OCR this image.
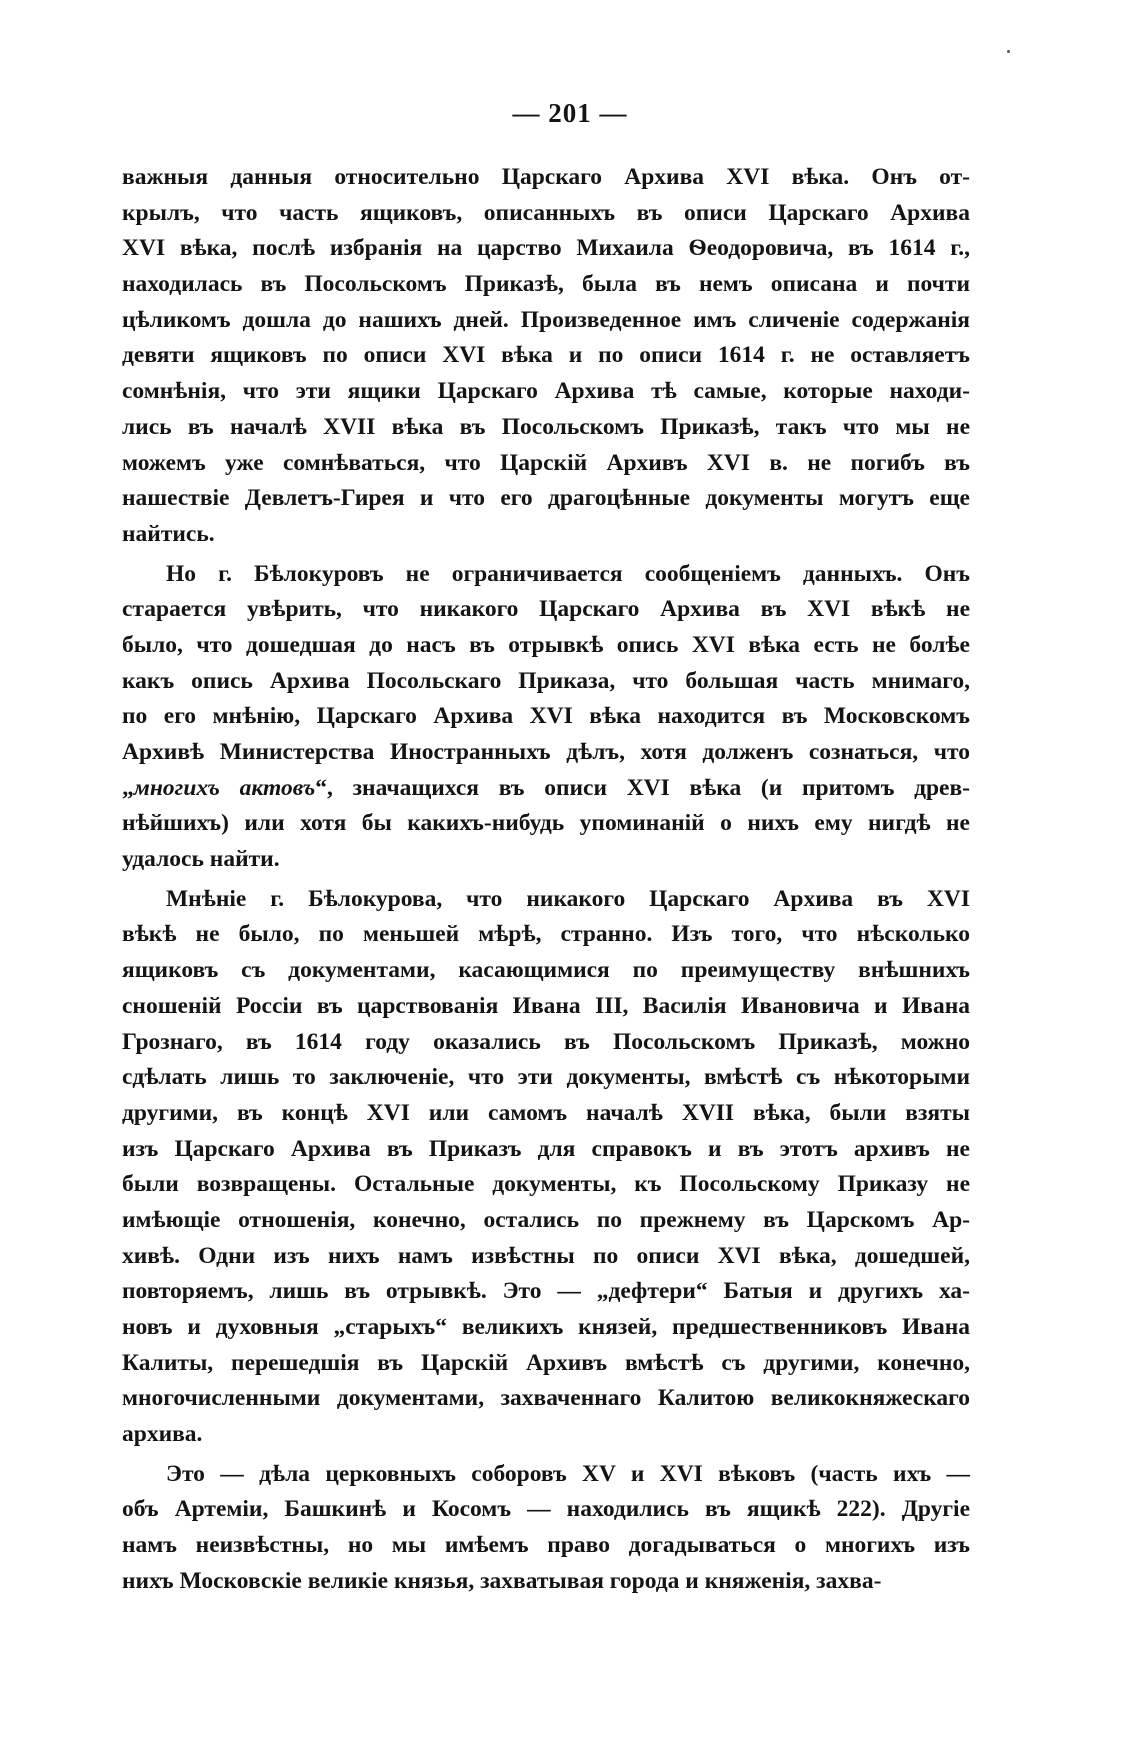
— 201 —
важныя данныя относительно Царскаго Архива XVI вѣка. Онъ от-
крылъ, что часть ящиковъ, описанныхъ въ описи Царскаго Архива
XVI вѣка, послѣ избранія на царство Михаила Ѳеодоровича, въ 1614 г.,
находилась въ Посольскомъ Приказѣ, была въ немъ описана и почти
цѣликомъ дошла до нашихъ дней. Произведенное имъ сличеніе содержанія
девяти ящиковъ по описи XVI вѣка и по описи 1614 г. не оставляетъ
сомнѣнія, что эти ящики Царскаго Архива тѣ самые, которые находи-
лись въ началѣ XVII вѣка въ Посольскомъ Приказѣ, такъ что мы не
можемъ уже сомнѣваться, что Царскій Архивъ XVI в. не погибъ въ
нашествіе Девлетъ-Гирея и что его драгоцѣнные документы могутъ еще
найтись.
Но г. Бѣлокуровъ не ограничивается сообщеніемъ данныхъ. Онъ
старается увѣрить, что никакого Царскаго Архива въ XVI вѣкѣ не
было, что дошедшая до насъ въ отрывкѣ опись XVI вѣка есть не болѣе
какъ опись Архива Посольскаго Приказа, что большая часть мнимаго,
по его мнѣнію, Царскаго Архива XVI вѣка находится въ Московскомъ
Архивѣ Министерства Иностранныхъ дѣлъ, хотя долженъ сознаться, что
„многихъ актовъ“, значащихся въ описи XVI вѣка (и притомъ древ-
нѣйшихъ) или хотя бы какихъ-нибудь упоминаній о нихъ ему нигдѣ не
удалось найти.
Мнѣніе г. Бѣлокурова, что никакого Царскаго Архива въ XVI
вѣкѣ не было, по меньшей мѣрѣ, странно. Изъ того, что нѣсколько
ящиковъ съ документами, касающимися по преимуществу внѣшнихъ
сношеній Россіи въ царствованія Ивана III, Василія Ивановича и Ивана
Грознаго, въ 1614 году оказались въ Посольскомъ Приказѣ, можно
сдѣлать лишь то заключеніе, что эти документы, вмѣстѣ съ нѣкоторыми
другими, въ концѣ XVI или самомъ началѣ XVII вѣка, были взяты
изъ Царскаго Архива въ Приказъ для справокъ и въ этотъ архивъ не
были возвращены. Остальные документы, къ Посольскому Приказу не
имѣющіе отношенія, конечно, остались по прежнему въ Царскомъ Ар-
хивѣ. Одни изъ нихъ намъ извѣстны по описи XVI вѣка, дошедшей,
повторяемъ, лишь въ отрывкѣ. Это — „дефтери“ Батыя и другихъ ха-
новъ и духовныя „старыхъ“ великихъ князей, предшественниковъ Ивана
Калиты, перешедшія въ Царскій Архивъ вмѣстѣ съ другими, конечно,
многочисленными документами, захваченнаго Калитою великокняжескаго
архива.
Это — дѣла церковныхъ соборовъ XV и XVI вѣковъ (часть ихъ —
объ Артеміи, Башкинѣ и Косомъ — находились въ ящикѣ 222). Другіе
намъ неизвѣстны, но мы имѣемъ право догадываться о многихъ изъ
нихъ Московскіе великіе князья, захватывая города и княженія, захва-
